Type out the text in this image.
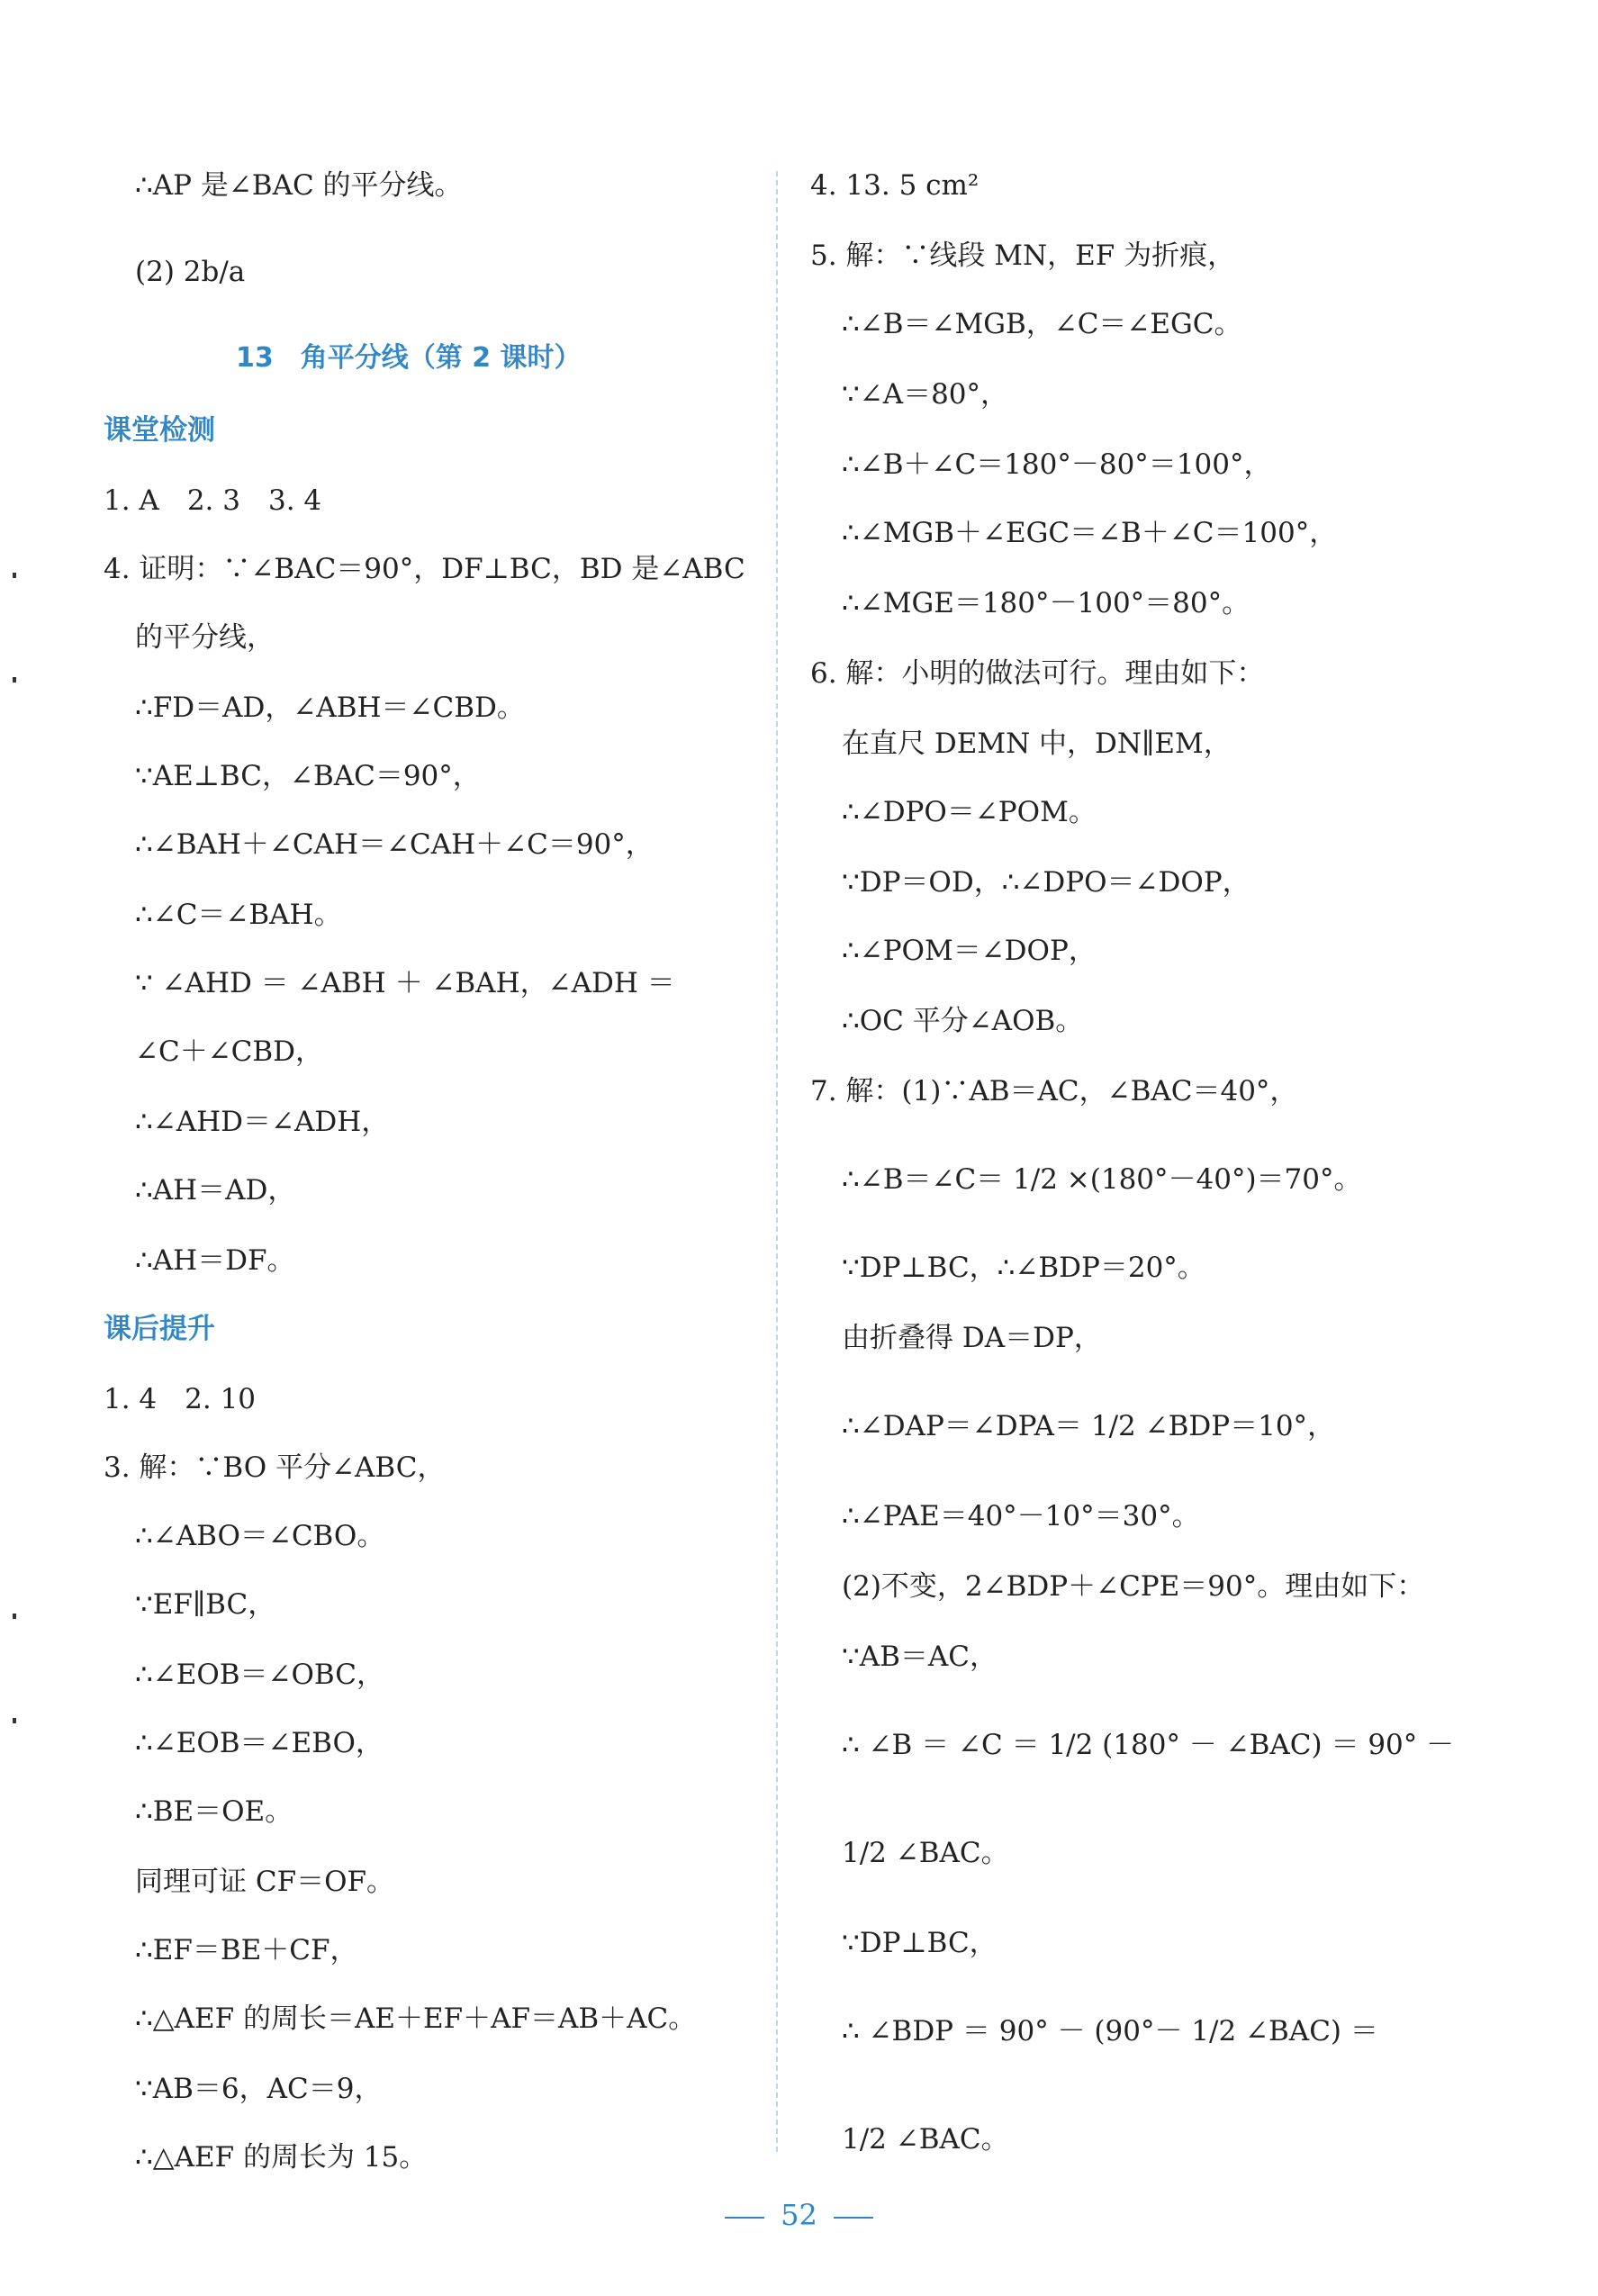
∴AP 是∠BAC 的平分线。
(2) 2b/a
13　角平分线（第 2 课时）
课堂检测
1. A　2. 3　3. 4
4. 证明：∵∠BAC＝90°，DF⊥BC，BD 是∠ABC
的平分线，
∴FD＝AD，∠ABH＝∠CBD。
∵AE⊥BC，∠BAC＝90°，
∴∠BAH＋∠CAH＝∠CAH＋∠C＝90°，
∴∠C＝∠BAH。
∵ ∠AHD ＝ ∠ABH ＋ ∠BAH，∠ADH ＝
∠C＋∠CBD，
∴∠AHD＝∠ADH，
∴AH＝AD，
∴AH＝DF。
课后提升
1. 4　2. 10
3. 解：∵BO 平分∠ABC，
∴∠ABO＝∠CBO。
∵EF∥BC，
∴∠EOB＝∠OBC，
∴∠EOB＝∠EBO，
∴BE＝OE。
同理可证 CF＝OF。
∴EF＝BE＋CF，
∴△AEF 的周长＝AE＋EF＋AF＝AB＋AC。
∵AB＝6，AC＝9，
∴△AEF 的周长为 15。
4. 13. 5 cm²
5. 解：∵线段 MN，EF 为折痕，
∴∠B＝∠MGB，∠C＝∠EGC。
∵∠A＝80°，
∴∠B＋∠C＝180°－80°＝100°，
∴∠MGB＋∠EGC＝∠B＋∠C＝100°，
∴∠MGE＝180°－100°＝80°。
6. 解：小明的做法可行。理由如下：
在直尺 DEMN 中，DN∥EM，
∴∠DPO＝∠POM。
∵DP＝OD，∴∠DPO＝∠DOP，
∴∠POM＝∠DOP，
∴OC 平分∠AOB。
7. 解：(1)∵AB＝AC，∠BAC＝40°，
∴∠B＝∠C＝ 1/2 ×(180°－40°)＝70°。
∵DP⊥BC，∴∠BDP＝20°。
由折叠得 DA＝DP，
∴∠DAP＝∠DPA＝ 1/2 ∠BDP＝10°，
∴∠PAE＝40°－10°＝30°。
(2)不变，2∠BDP＋∠CPE＝90°。理由如下：
∵AB＝AC，
∴ ∠B ＝ ∠C ＝ 1/2 (180° － ∠BAC) ＝ 90° －
1/2 ∠BAC。
∵DP⊥BC，
∴ ∠BDP ＝ 90° － (90°－ 1/2 ∠BAC) ＝
1/2 ∠BAC。
52
